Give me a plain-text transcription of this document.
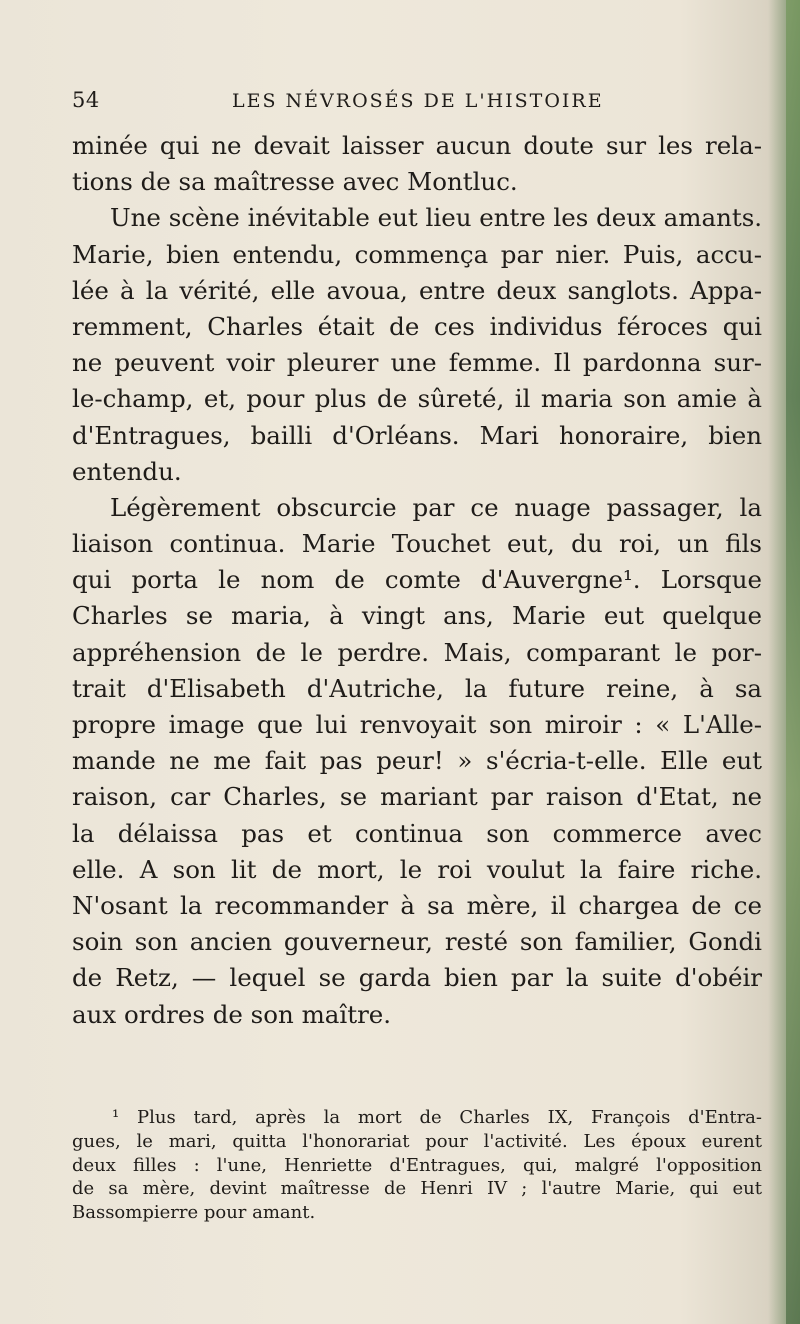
54	LES NÉVROSÉS DE L'HISTOIRE
minée qui ne devait laisser aucun doute sur les rela-
tions de sa maîtresse avec Montluc.
Une scène inévitable eut lieu entre les deux amants.
Marie, bien entendu, commença par nier. Puis, accu-
lée à la vérité, elle avoua, entre deux sanglots. Appa-
remment, Charles était de ces individus féroces qui
ne peuvent voir pleurer une femme. Il pardonna sur-
le-champ, et, pour plus de sûreté, il maria son amie à
d'Entragues, bailli d'Orléans. Mari honoraire, bien
entendu.
Légèrement obscurcie par ce nuage passager, la
liaison continua. Marie Touchet eut, du roi, un fils
qui porta le nom de comte d'Auvergne¹. Lorsque
Charles se maria, à vingt ans, Marie eut quelque
appréhension de le perdre. Mais, comparant le por-
trait d'Elisabeth d'Autriche, la future reine, à sa
propre image que lui renvoyait son miroir : « L'Alle-
mande ne me fait pas peur! » s'écria-t-elle. Elle eut
raison, car Charles, se mariant par raison d'Etat, ne
la délaissa pas et continua son commerce avec
elle. A son lit de mort, le roi voulut la faire riche.
N'osant la recommander à sa mère, il chargea de ce
soin son ancien gouverneur, resté son familier, Gondi
de Retz, — lequel se garda bien par la suite d'obéir
aux ordres de son maître.
¹ Plus tard, après la mort de Charles IX, François d'Entra-
gues, le mari, quitta l'honorariat pour l'activité. Les époux eurent
deux filles : l'une, Henriette d'Entragues, qui, malgré l'opposition
de sa mère, devint maîtresse de Henri IV ; l'autre Marie, qui eut
Bassompierre pour amant.
